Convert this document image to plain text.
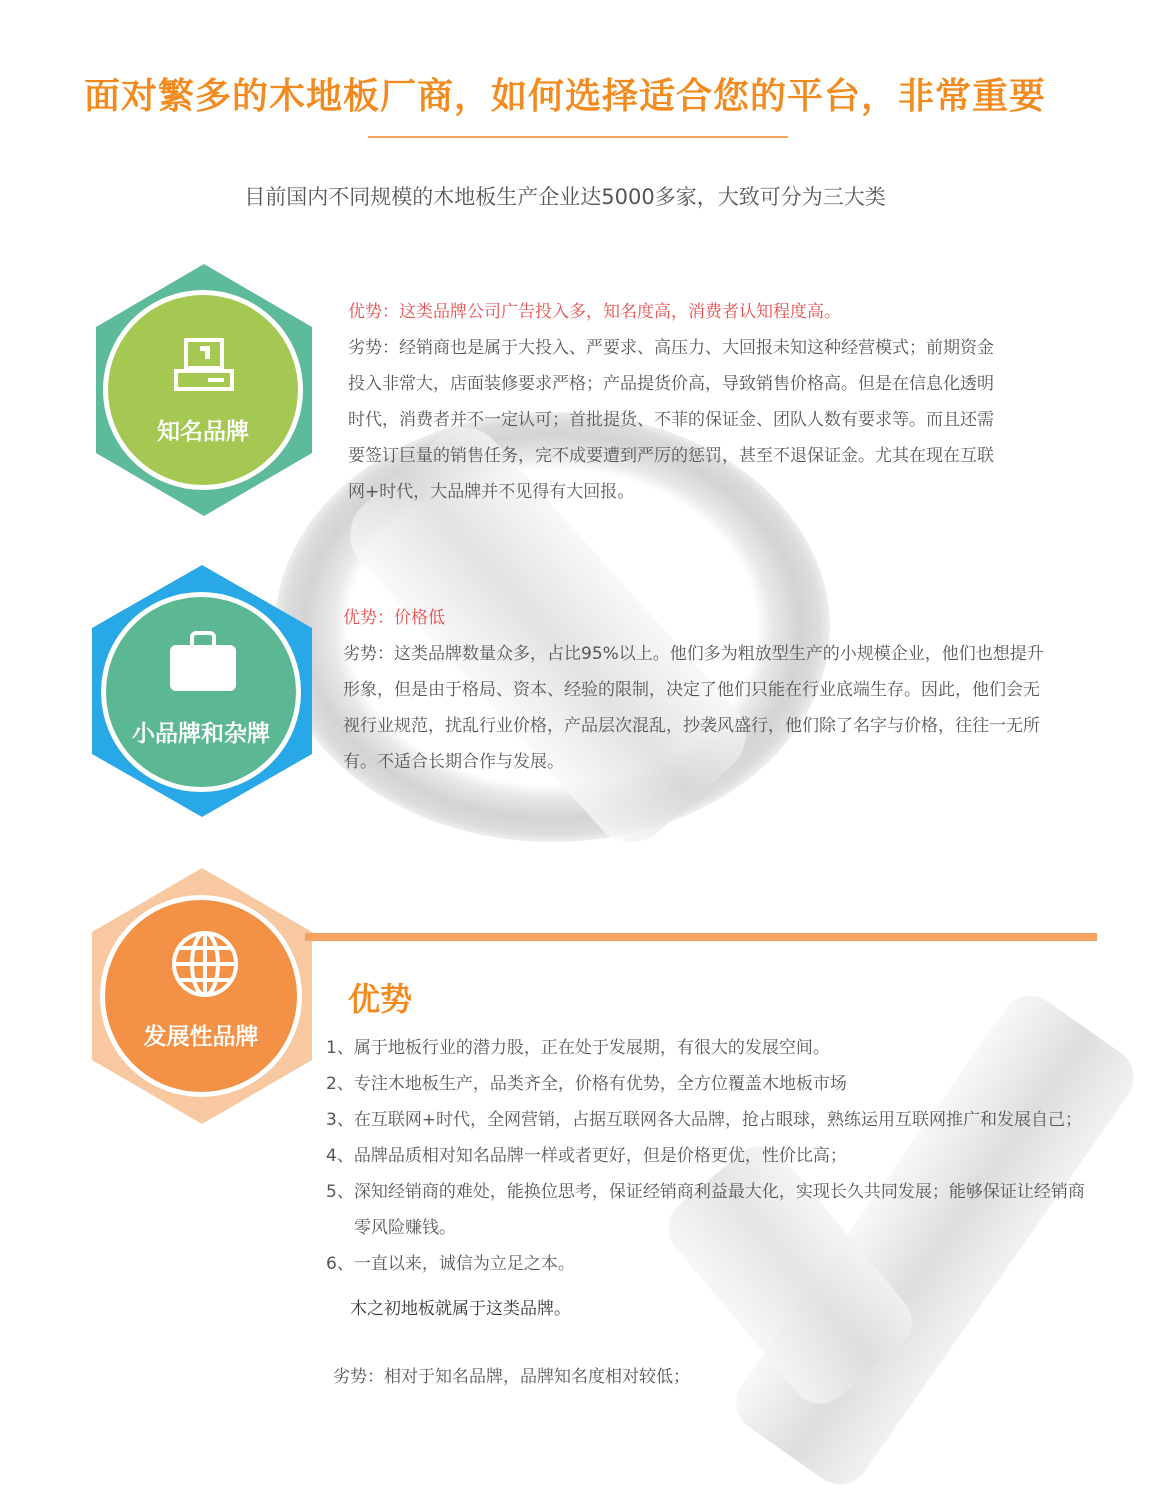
面对繁多的木地板厂商，如何选择适合您的平台，非常重要
目前国内不同规模的木地板生产企业达5000多家，大致可分为三大类
知名品牌
优势：这类品牌公司广告投入多，知名度高，消费者认知程度高。
劣势：经销商也是属于大投入、严要求、高压力、大回报未知这种经营模式；前期资金
投入非常大，店面装修要求严格；产品提货价高，导致销售价格高。但是在信息化透明
时代，消费者并不一定认可；首批提货、不菲的保证金、团队人数有要求等。而且还需
要签订巨量的销售任务，完不成要遭到严厉的惩罚，甚至不退保证金。尤其在现在互联
网+时代，大品牌并不见得有大回报。
小品牌和杂牌
优势：价格低
劣势：这类品牌数量众多，占比95%以上。他们多为粗放型生产的小规模企业，他们也想提升
形象，但是由于格局、资本、经验的限制，决定了他们只能在行业底端生存。因此，他们会无
视行业规范，扰乱行业价格，产品层次混乱，抄袭风盛行，他们除了名字与价格，往往一无所
有。不适合长期合作与发展。
发展性品牌
优势
1、属于地板行业的潜力股，正在处于发展期，有很大的发展空间。
2、专注木地板生产，品类齐全，价格有优势，全方位覆盖木地板市场
3、在互联网+时代，全网营销，占据互联网各大品牌，抢占眼球，熟练运用互联网推广和发展自己；
4、品牌品质相对知名品牌一样或者更好，但是价格更优，性价比高；
5、深知经销商的难处，能换位思考，保证经销商利益最大化，实现长久共同发展；能够保证让经销商
零风险赚钱。
6、一直以来，诚信为立足之本。
木之初地板就属于这类品牌。
劣势：相对于知名品牌，品牌知名度相对较低；
